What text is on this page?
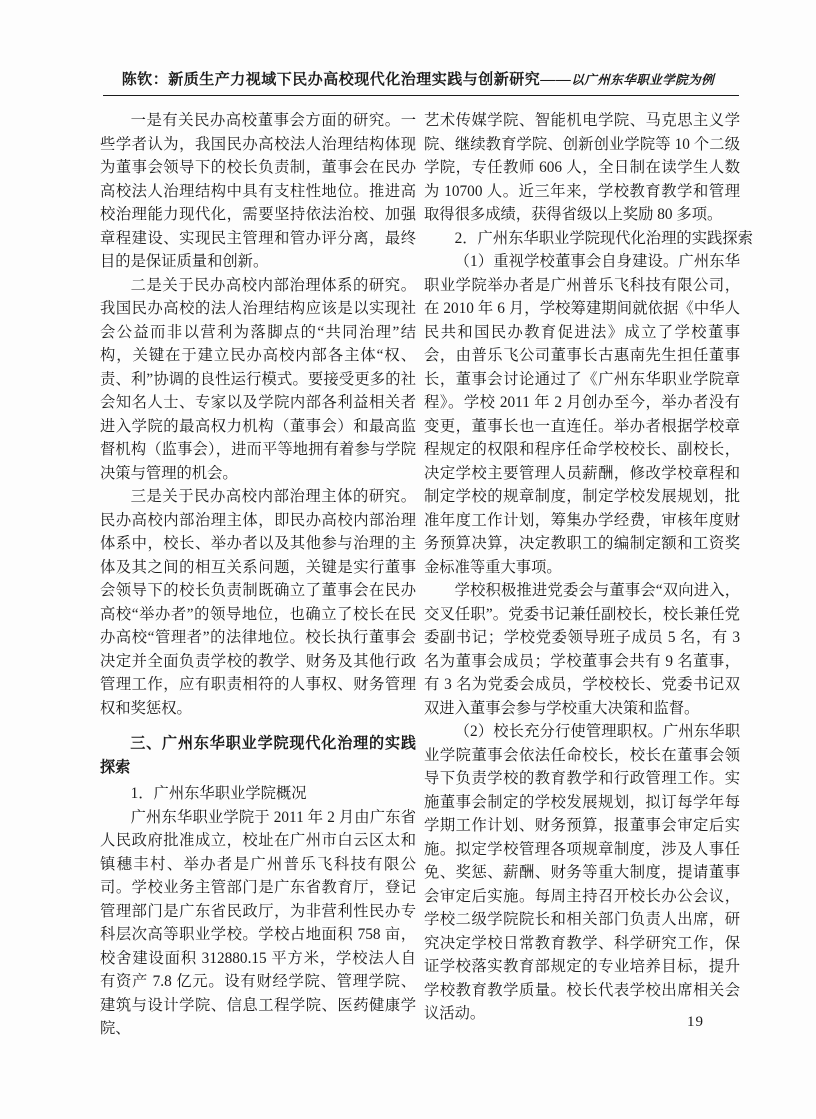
陈钦：新质生产力视域下民办高校现代化治理实践与创新研究——以广州东华职业学院为例

一是有关民办高校董事会方面的研究。一些学者认为，我国民办高校法人治理结构体现为董事会领导下的校长负责制，董事会在民办高校法人治理结构中具有支柱性地位。推进高校治理能力现代化，需要坚持依法治校、加强章程建设、实现民主管理和管办评分离，最终目的是保证质量和创新。

二是关于民办高校内部治理体系的研究。我国民办高校的法人治理结构应该是以实现社会公益而非以营利为落脚点的“共同治理”结构，关键在于建立民办高校内部各主体“权、责、利”协调的良性运行模式。要接受更多的社会知名人士、专家以及学院内部各利益相关者进入学院的最高权力机构（董事会）和最高监督机构（监事会），进而平等地拥有着参与学院决策与管理的机会。

三是关于民办高校内部治理主体的研究。民办高校内部治理主体，即民办高校内部治理体系中，校长、举办者以及其他参与治理的主体及其之间的相互关系问题，关键是实行董事会领导下的校长负责制既确立了董事会在民办高校“举办者”的领导地位，也确立了校长在民办高校“管理者”的法律地位。校长执行董事会决定并全面负责学校的教学、财务及其他行政管理工作，应有职责相符的人事权、财务管理权和奖惩权。

三、广州东华职业学院现代化治理的实践探索

1．广州东华职业学院概况

广州东华职业学院于 2011 年 2 月由广东省人民政府批准成立，校址在广州市白云区太和镇穗丰村、举办者是广州普乐飞科技有限公司。学校业务主管部门是广东省教育厅，登记管理部门是广东省民政厅，为非营利性民办专科层次高等职业学校。学校占地面积 758 亩，校舍建设面积 312880.15 平方米，学校法人自有资产 7.8 亿元。设有财经学院、管理学院、建筑与设计学院、信息工程学院、医药健康学院、

艺术传媒学院、智能机电学院、马克思主义学院、继续教育学院、创新创业学院等 10 个二级学院，专任教师 606 人，全日制在读学生人数为 10700 人。近三年来，学校教育教学和管理取得很多成绩，获得省级以上奖励 80 多项。

2．广州东华职业学院现代化治理的实践探索

（1）重视学校董事会自身建设。广州东华职业学院举办者是广州普乐飞科技有限公司，在 2010 年 6 月，学校筹建期间就依据《中华人民共和国民办教育促进法》成立了学校董事会，由普乐飞公司董事长古惠南先生担任董事长，董事会讨论通过了《广州东华职业学院章程》。学校 2011 年 2 月创办至今，举办者没有变更，董事长也一直连任。举办者根据学校章程规定的权限和程序任命学校校长、副校长，决定学校主要管理人员薪酬，修改学校章程和制定学校的规章制度，制定学校发展规划，批准年度工作计划，筹集办学经费，审核年度财务预算决算，决定教职工的编制定额和工资奖金标准等重大事项。

学校积极推进党委会与董事会“双向进入，交叉任职”。党委书记兼任副校长，校长兼任党委副书记；学校党委领导班子成员 5 名，有 3 名为董事会成员；学校董事会共有 9 名董事，有 3 名为党委会成员，学校校长、党委书记双双进入董事会参与学校重大决策和监督。

（2）校长充分行使管理职权。广州东华职业学院董事会依法任命校长，校长在董事会领导下负责学校的教育教学和行政管理工作。实施董事会制定的学校发展规划，拟订每学年每学期工作计划、财务预算，报董事会审定后实施。拟定学校管理各项规章制度，涉及人事任免、奖惩、薪酬、财务等重大制度，提请董事会审定后实施。每周主持召开校长办公会议，学校二级学院院长和相关部门负责人出席，研究决定学校日常教育教学、科学研究工作，保证学校落实教育部规定的专业培养目标，提升学校教育教学质量。校长代表学校出席相关会议活动。	19
